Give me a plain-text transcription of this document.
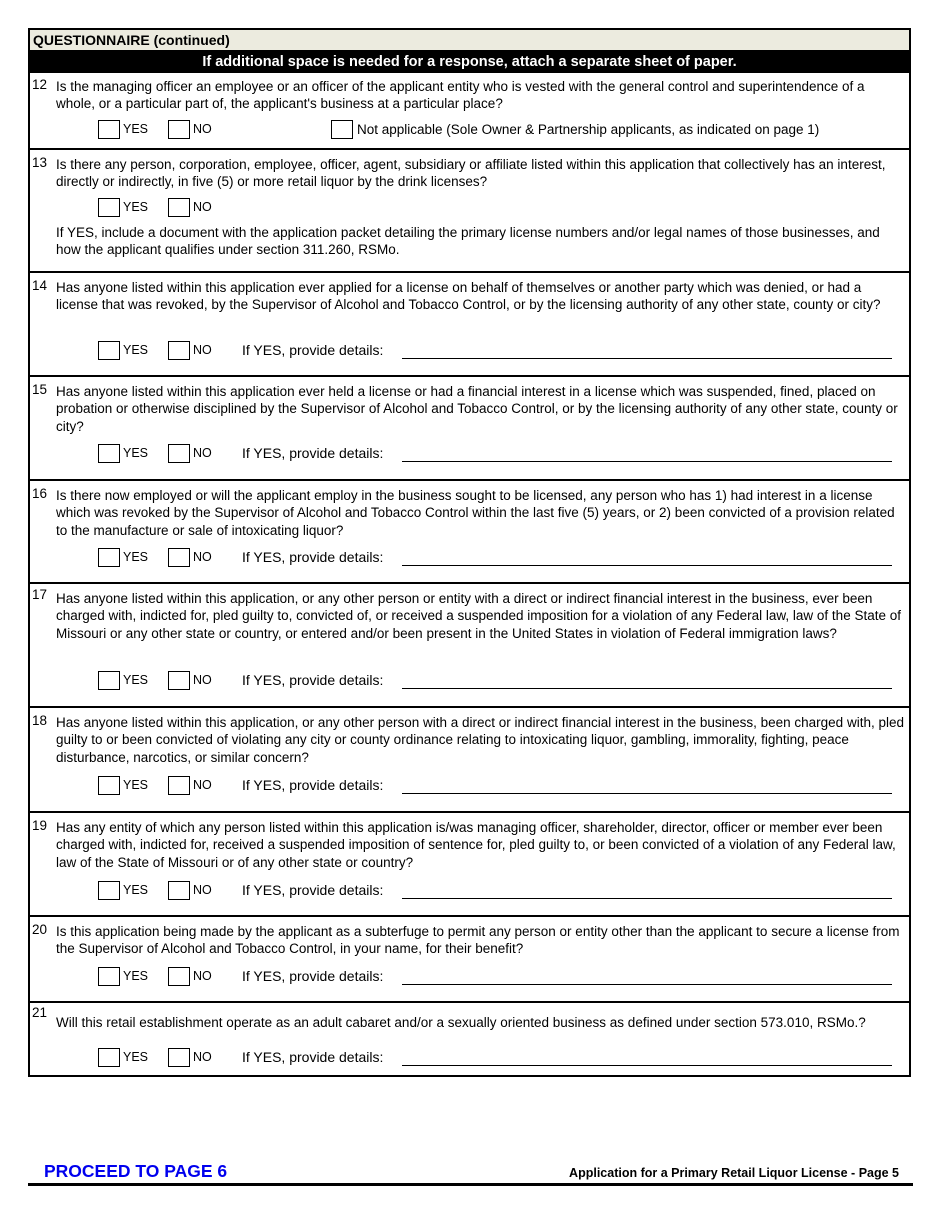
QUESTIONNAIRE (continued)
If additional space is needed for a response, attach a separate sheet of paper.
12 Is the managing officer an employee or an officer of the applicant entity who is vested with the general control and superintendence of a whole, or a particular part of, the applicant's business at a particular place?
YES	NO	Not applicable (Sole Owner & Partnership applicants, as indicated on page 1)
13 Is there any person, corporation, employee, officer, agent, subsidiary or affiliate listed within this application that collectively has an interest, directly or indirectly, in five (5) or more retail liquor by the drink licenses?
YES	NO
If YES, include a document with the application packet detailing the primary license numbers and/or legal names of those businesses, and how the applicant qualifies under section 311.260, RSMo.
14 Has anyone listed within this application ever applied for a license on behalf of themselves or another party which was denied, or had a license that was revoked, by the Supervisor of Alcohol and Tobacco Control, or by the licensing authority of any other state, county or city?
YES	NO If YES, provide details:
15 Has anyone listed within this application ever held a license or had a financial interest in a license which was suspended, fined, placed on probation or otherwise disciplined by the Supervisor of Alcohol and Tobacco Control, or by the licensing authority of any other state, county or city?
YES	NO If YES, provide details:
16 Is there now employed or will the applicant employ in the business sought to be licensed, any person who has 1) had interest in a license which was revoked by the Supervisor of Alcohol and Tobacco Control within the last five (5) years, or 2) been convicted of a provision related to the manufacture or sale of intoxicating liquor?
YES	NO If YES, provide details:
17 Has anyone listed within this application, or any other person or entity with a direct or indirect financial interest in the business, ever been charged with, indicted for, pled guilty to, convicted of, or received a suspended imposition for a violation of any Federal law, law of the State of Missouri or any other state or country, or entered and/or been present in the United States in violation of Federal immigration laws?
YES	NO If YES, provide details:
18 Has anyone listed within this application, or any other person with a direct or indirect financial interest in the business, been charged with, pled guilty to or been convicted of violating any city or county ordinance relating to intoxicating liquor, gambling, immorality, fighting, peace disturbance, narcotics, or similar concern?
YES	NO If YES, provide details:
19 Has any entity of which any person listed within this application is/was managing officer, shareholder, director, officer or member ever been charged with, indicted for, received a suspended imposition of sentence for, pled guilty to, or been convicted of a violation of any Federal law, law of the State of Missouri or of any other state or country?
YES	NO If YES, provide details:
20 Is this application being made by the applicant as a subterfuge to permit any person or entity other than the applicant to secure a license from the Supervisor of Alcohol and Tobacco Control, in your name, for their benefit?
YES	NO If YES, provide details:
21
Will this retail establishment operate as an adult cabaret and/or a sexually oriented business as defined under section 573.010, RSMo.?
YES	NO If YES, provide details:
PROCEED TO PAGE 6	Application for a Primary Retail Liquor License - Page 5
